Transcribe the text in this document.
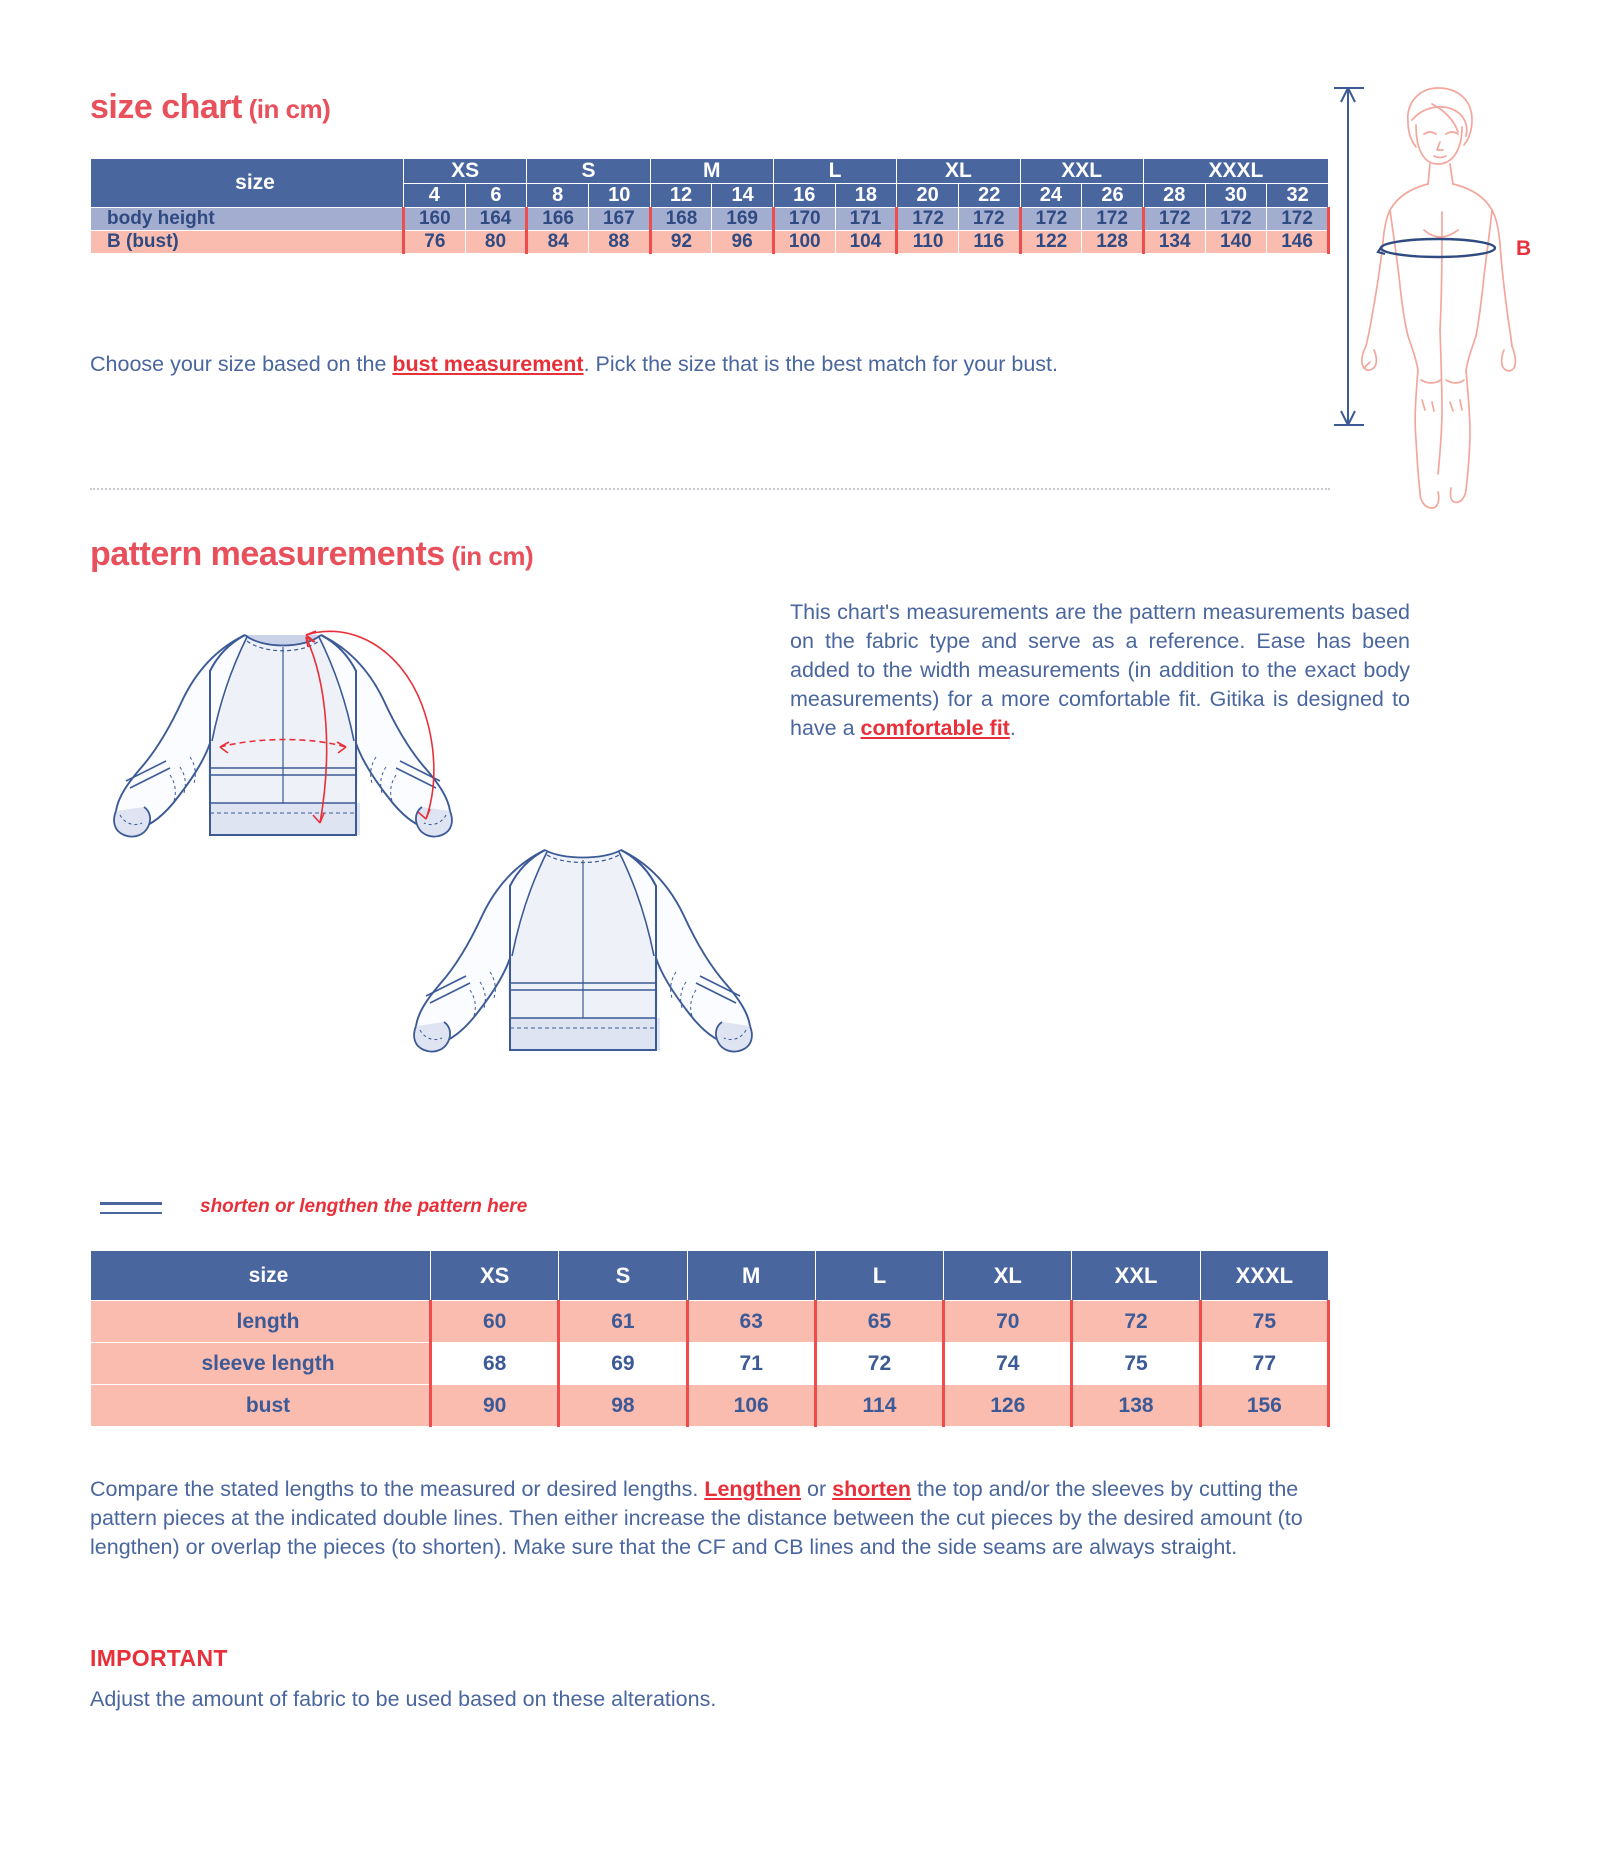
size chart (in cm)
size	XS		S		M		L		XL		XXL		XXXL		
	4	6	8	10	12	14	16	18	20	22	24	26	28	30	32
body height	160	164	166	167	168	169	170	171	172	172	172	172	172	172	172
B (bust)	76	80	84	88	92	96	100	104	110	116	122	128	134	140	146
Choose your size based on the bust measurement. Pick the size that is the best match for your bust.
B
pattern measurements (in cm)
This chart's measurements are the pattern measurements based on the fabric type and serve as a reference. Ease has been added to the width measurements (in addition to the exact body measurements) for a more comfortable fit. Gitika is designed to have a comfortable fit.
shorten or lengthen the pattern here
size	XS	S	M	L	XL	XXL	XXXL
length	60	61	63	65	70	72	75
sleeve length	68	69	71	72	74	75	77
bust	90	98	106	114	126	138	156
Compare the stated lengths to the measured or desired lengths. Lengthen or shorten the top and/or the sleeves by cutting the pattern pieces at the indicated double lines. Then either increase the distance between the cut pieces by the desired amount (to lengthen) or overlap the pieces (to shorten). Make sure that the CF and CB lines and the side seams are always straight.
IMPORTANT
Adjust the amount of fabric to be used based on these alterations.
